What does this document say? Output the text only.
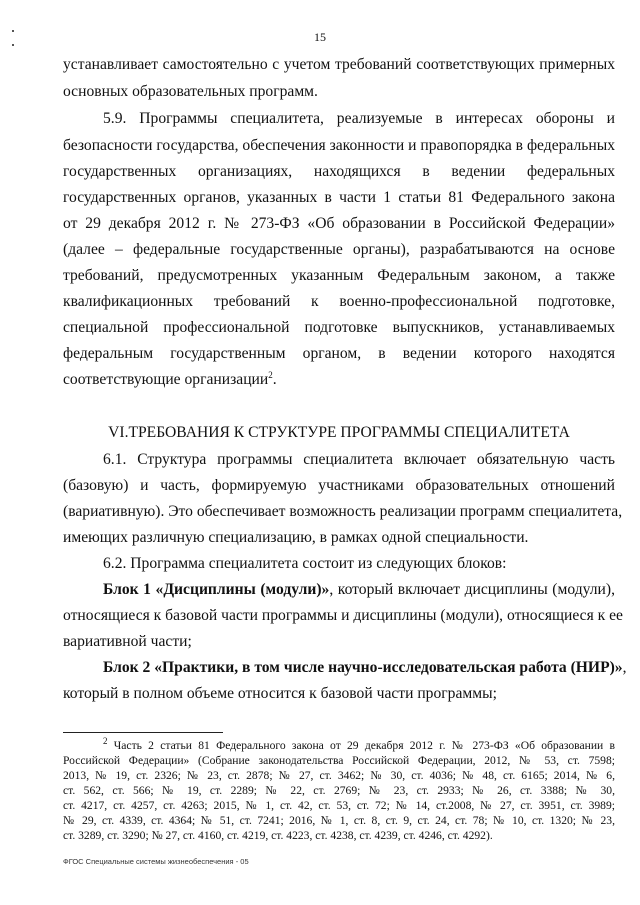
15
устанавливает самостоятельно с учетом требований соответствующих примерных
основных образовательных программ.
5.9. Программы специалитета, реализуемые в интересах обороны и
безопасности государства, обеспечения законности и правопорядка в федеральных
государственных организациях, находящихся в ведении федеральных
государственных органов, указанных в части 1 статьи 81 Федерального закона
от 29 декабря 2012 г. № 273-ФЗ «Об образовании в Российской Федерации»
(далее – федеральные государственные органы), разрабатываются на основе
требований, предусмотренных указанным Федеральным законом, а также
квалификационных требований к военно-профессиональной подготовке,
специальной профессиональной подготовке выпускников, устанавливаемых
федеральным государственным органом, в ведении которого находятся
соответствующие организации$^2$.
VI.ТРЕБОВАНИЯ К СТРУКТУРЕ ПРОГРАММЫ СПЕЦИАЛИТЕТА
6.1. Структура программы специалитета включает обязательную часть
(базовую) и часть, формируемую участниками образовательных отношений
(вариативную). Это обеспечивает возможность реализации программ специалитета,
имеющих различную специализацию, в рамках одной специальности.
6.2. Программа специалитета состоит из следующих блоков:
Блок 1 «Дисциплины (модули)», который включает дисциплины (модули),
относящиеся к базовой части программы и дисциплины (модули), относящиеся к ее
вариативной части;
Блок 2 «Практики, в том числе научно-исследовательская работа (НИР)»,
который в полном объеме относится к базовой части программы;
$^2$ Часть 2 статьи 81 Федерального закона от 29 декабря 2012 г. № 273-ФЗ «Об образовании в
Российской Федерации» (Собрание законодательства Российской Федерации, 2012, № 53, ст. 7598;
2013, № 19, ст. 2326; № 23, ст. 2878; № 27, ст. 3462; № 30, ст. 4036; № 48, ст. 6165; 2014, № 6,
ст. 562, ст. 566; № 19, ст. 2289; № 22, ст. 2769; № 23, ст. 2933; № 26, ст. 3388; № 30,
ст. 4217, ст. 4257, ст. 4263; 2015, № 1, ст. 42, ст. 53, ст. 72; № 14, ст.2008, № 27, ст. 3951, ст. 3989;
№ 29, ст. 4339, ст. 4364; № 51, ст. 7241; 2016, № 1, ст. 8, ст. 9, ст. 24, ст. 78; № 10, ст. 1320; № 23,
ст. 3289, ст. 3290; № 27, ст. 4160, ст. 4219, ст. 4223, ст. 4238, ст. 4239, ст. 4246, ст. 4292).
ФГОС Специальные системы жизнеобеспечения - 05
